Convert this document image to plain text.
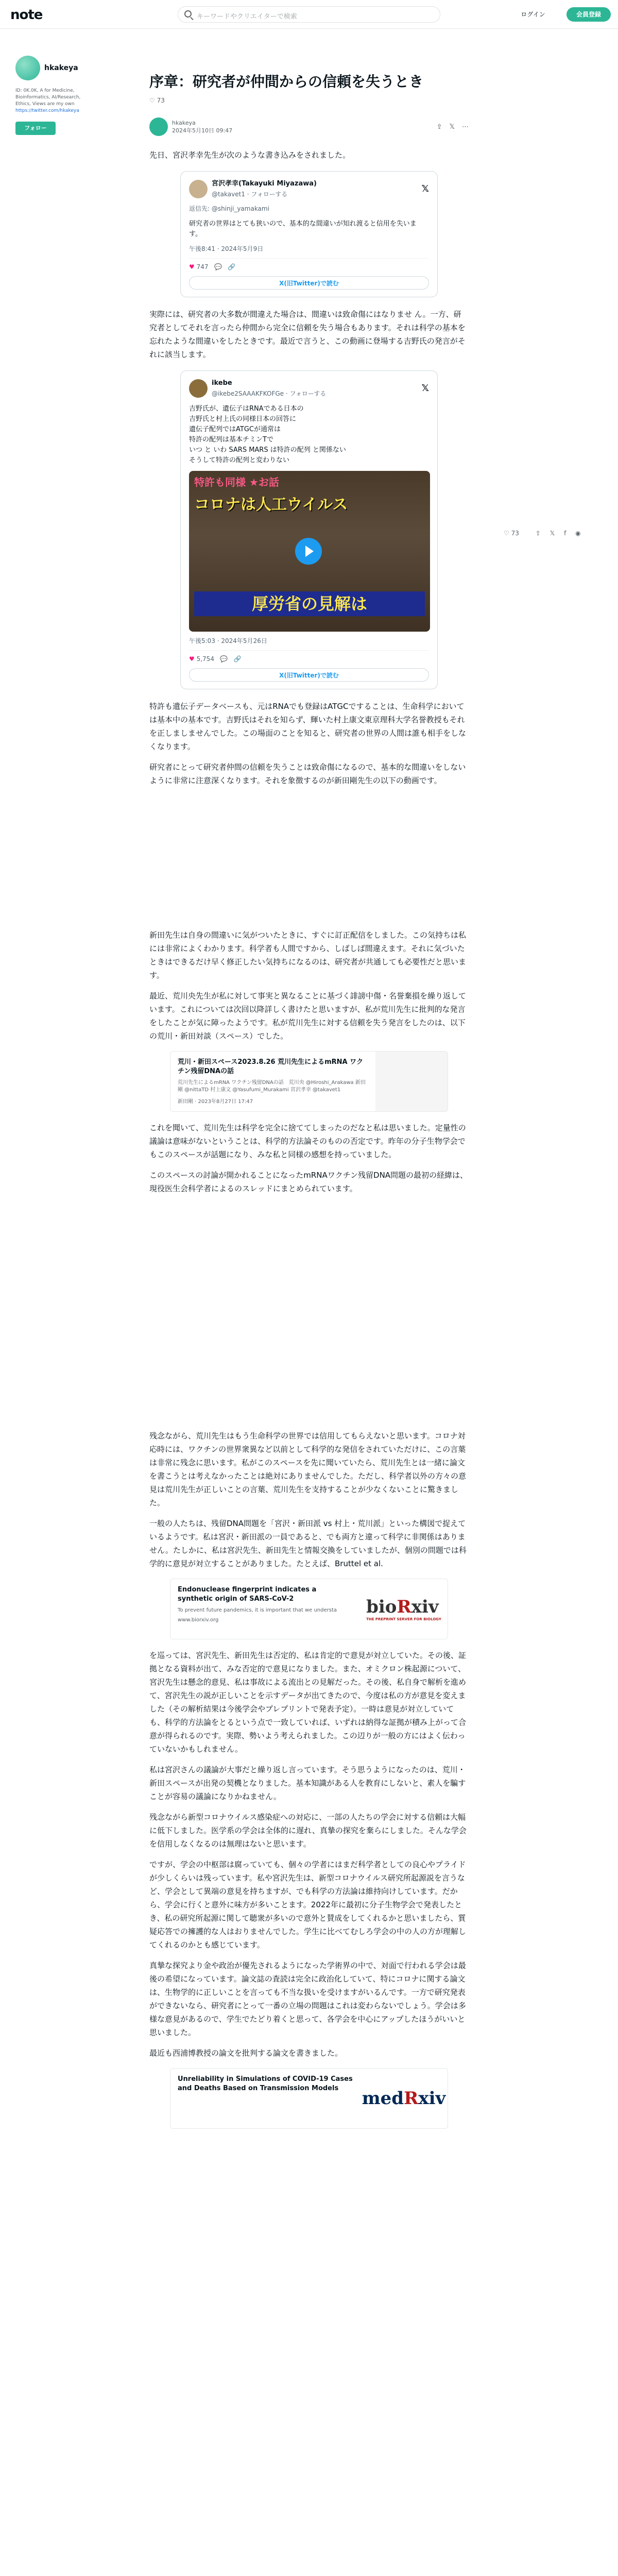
note	キーワードやクリエイターで検索	ログイン	会員登録
hkakeya
ID: 0K.0K, A for Medicine, Bioinformatics, AI/Research, Ethics, Views are my own
https://twitter.com/hkakeya
フォロー
♡ 73	⇪ 𝕏 f ◉
序章：研究者が仲間からの信頼を失うとき
♡ 73
hkakeya
2024年5月10日 09:47	⇪ 𝕏 ⋯

先日、宮沢孝幸先生が次のような書き込みをされました。

宮沢孝幸(Takayuki Miyazawa)
@takavet1 · フォローする	𝕏
返信先: @shinji_yamakami
研究者の世界はとても狭いので、基本的な間違いが知れ渡ると信用を失います。
午後8:41 · 2024年5月9日
♥ 747 💬 🔗
X(旧Twitter)で読む

実際には、研究者の大多数が間違えた場合は、間違いは致命傷にはなりませ ん。一方、研究者としてそれを言ったら仲間から完全に信頼を失う場合もあります。それは科学の基本を忘れたような間違いをしたときです。最近で言うと、この動画に登場する吉野氏の発言がそれに該当します。

ikebe
@ikebe2SAAAKFKOFGe · フォローする	𝕏
吉野氏が、遺伝子はRNAである日本の
吉野氏と村上氏の同様日本の回答に
遺伝子配列ではATGCが通常は
特許の配列は基本チミンTで
いつ と いわ SARS MARS は特許の配列 と関係ない
そうして特許の配列と変わりない
特許も同様 ★お話
コロナは人工ウイルス
厚労省の見解は
午後5:03 · 2024年5月26日
♥ 5,754 💬 🔗
X(旧Twitter)で読む

特許も遺伝子データベースも、元はRNAでも登録はATGCですることは、生命科学においては基本中の基本です。吉野氏はそれを知らず、輝いた村上康文東京理科大学名誉教授もそれを正しましませんでした。この場面のことを知ると、研究者の世界の人間は誰も相手をしなくなります。

研究者にとって研究者仲間の信頼を失うことは致命傷になるので、基本的な間違いをしないように非常に注意深くなります。それを象徴するのが新田剛先生の以下の動画です。

新田先生は自身の間違いに気がついたときに、すぐに訂正配信をしました。この気持ちは私には非常によくわかります。科学者も人間ですから、しばしば間違えます。それに気づいたときはできるだけ早く修正したい気持ちになるのは、研究者が共通しても必要性だと思います。

最近、荒川央先生が私に対して事実と異なることに基づく誹謗中傷・名誉棄損を繰り返しています。これについては次回以降詳しく書けたと思いますが、私が荒川先生に批判的な発言をしたことが気に障ったようです。私が荒川先生に対する信頼を失う発言をしたのは、以下の荒川・新田対談（スペース）でした。

荒川・新田スペース2023.8.26 荒川先生によるmRNA ワクチン残留DNAの話
荒川先生によるmRNA ワクチン残留DNAの話　荒川央 @Hiroshi_Arakawa 新田剛 @nittaTD 村上康文 @Yasufumi_Murakami 宮沢孝幸 @takavet1
新田剛 · 2023年8月27日 17:47

これを聞いて、荒川先生は科学を完全に捨ててしまったのだなと私は思いました。定量性の議論は意味がないということは、科学的方法論そのものの否定です。昨年の分子生物学会でもこのスペースが話題になり、みな私と同様の感想を持っていました。

このスペースの討論が開かれることになったmRNAワクチン残留DNA問題の最初の経緯は、現役医生会科学者によるのスレッドにまとめられています。

残念ながら、荒川先生はもう生命科学の世界では信用してもらえないと思います。コロナ対応時には、ワクチンの世界衆異など以前として科学的な発信をされていただけに、この言葉は非常に残念に思います。私がこのスペースを先に聞いていたら、荒川先生とは一緒に論文を書こうとは考えなかったことは絶対にありませんでした。ただし、科学者以外の方々の意見は荒川先生が正しいことの言葉、荒川先生を支持することが少なくないことに驚きました。

一般の人たちは、残留DNA問題を「宮沢・新田派 vs 村上・荒川派」といった構図で捉えているようです。私は宮沢・新田派の一員であると、でも両方と違って科学に非関係はありません。たしかに、私は宮沢先生、新田先生と情報交換をしていましたが、個別の問題では科学的に意見が対立することがありました。たとえば、Bruttel et al.

Endonuclease fingerprint indicates a synthetic origin of SARS-CoV-2
To prevent future pandemics, it is important that we understa
www.biorxiv.org
bioRxiv
THE PREPRINT SERVER FOR BIOLOGY

を巡っては、宮沢先生、新田先生は否定的、私は肯定的で意見が対立していた。その後、証拠となる資料が出て、みな否定的で意見になりました。また、オミクロン株起源について、宮沢先生は懸念的意見、私は事故による流出との見解だった。その後、私自身で解析を進めて、宮沢先生の説が正しいことを示すデータが出てきたので、今度は私の方が意見を変えました（その解析結果は今後学会やプレプリントで発表予定）。一時は意見が対立していても、科学的方法論をとるという点で一致していれば、いずれは納得な証拠が積み上がって合意が得られるのです。実際、勢いよう考えられました。この辺りが一般の方にはよく伝わっていないかもしれません。

私は宮沢さんの議論が大事だと繰り返し言っています。そう思うようになったのは、荒川・新田スペースが出発の契機となりました。基本知識がある人を教育にしないと、素人を騙すことが容易の議論になりかねません。

残念ながら新型コロナウイルス感染症への対応に、一部の人たちの学会に対する信頼は大幅に低下しました。医学系の学会は全体的に遅れ、真摯の探究を棄らにしました。そんな学会を信用しなくなるのは無理はないと思います。

ですが、学会の中枢部は腐っていても、個々の学者にはまだ科学者としての良心やプライドが少しくらいは残っています。私や宮沢先生は、新型コロナウイルス研究所起源説を言うなど、学会として異端の意見を持ちますが、でも科学の方法論は維持向けしています。だから、学会に行くと意外に味方が多いことます。2022年に最初に分子生物学会で発表したとき、私の研究所起源に関して聴衆が多いので意外と賛成をしてくれるかと思いましたら、質疑応答での擁護的な人はおりませんでした。学生に比べてむしろ学会の中の人の方が理解してくれるのかとも感じています。

真摯な探究より金や政治が優先されるようになった学術界の中で、対面で行われる学会は最後の希望になっています。論文誌の査読は完全に政治化していて、特にコロナに関する論文は、生物学的に正しいことを言っても不当な扱いを受けますがいるんです。一方で研究発表ができないなら、研究者にとって一番の立場の問題はこれは変わらないでしょう。学会は多様な意見があるので、学生でたどり着くと思って、各学会を中心にアップしたほうがいいと思いました。

最近も西浦博教授の論文を批判する論文を書きました。

Unreliability in Simulations of COVID-19 Cases and Deaths Based on Transmission Models	med R xiv
